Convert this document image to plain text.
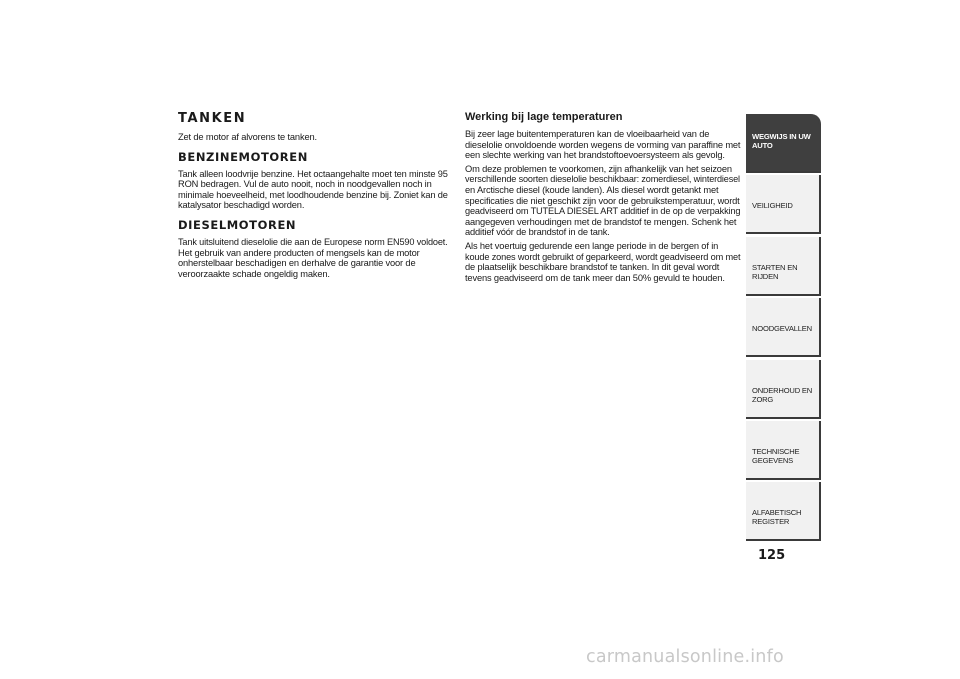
TANKEN
Zet de motor af alvorens te tanken.
BENZINEMOTOREN
Tank alleen loodvrije benzine. Het octaangehalte moet ten minste 95
RON bedragen. Vul de auto nooit, noch in noodgevallen noch in
minimale hoeveelheid, met loodhoudende benzine bij. Zoniet kan de
katalysator beschadigd worden.
DIESELMOTOREN
Tank uitsluitend dieselolie die aan de Europese norm EN590 voldoet.
Het gebruik van andere producten of mengsels kan de motor
onherstelbaar beschadigen en derhalve de garantie voor de
veroorzaakte schade ongeldig maken.
Werking bij lage temperaturen
Bij zeer lage buitentemperaturen kan de vloeibaarheid van de
dieselolie onvoldoende worden wegens de vorming van paraffine met
een slechte werking van het brandstoftoevoersysteem als gevolg.
Om deze problemen te voorkomen, zijn afhankelijk van het seizoen
verschillende soorten dieselolie beschikbaar: zomerdiesel, winterdiesel
en Arctische diesel (koude landen). Als diesel wordt getankt met
specificaties die niet geschikt zijn voor de gebruikstemperatuur, wordt
geadviseerd om TUTELA DIESEL ART additief in de op de verpakking
aangegeven verhoudingen met de brandstof te mengen. Schenk het
additief vóór de brandstof in de tank.
Als het voertuig gedurende een lange periode in de bergen of in
koude zones wordt gebruikt of geparkeerd, wordt geadviseerd om met
de plaatselijk beschikbare brandstof te tanken. In dit geval wordt
tevens geadviseerd om de tank meer dan 50% gevuld te houden.
WEGWIJS IN UW AUTO
VEILIGHEID
STARTEN EN RIJDEN
NOODGEVALLEN
ONDERHOUD EN ZORG
TECHNISCHE GEGEVENS
ALFABETISCH REGISTER
125
carmanualsonline.info
